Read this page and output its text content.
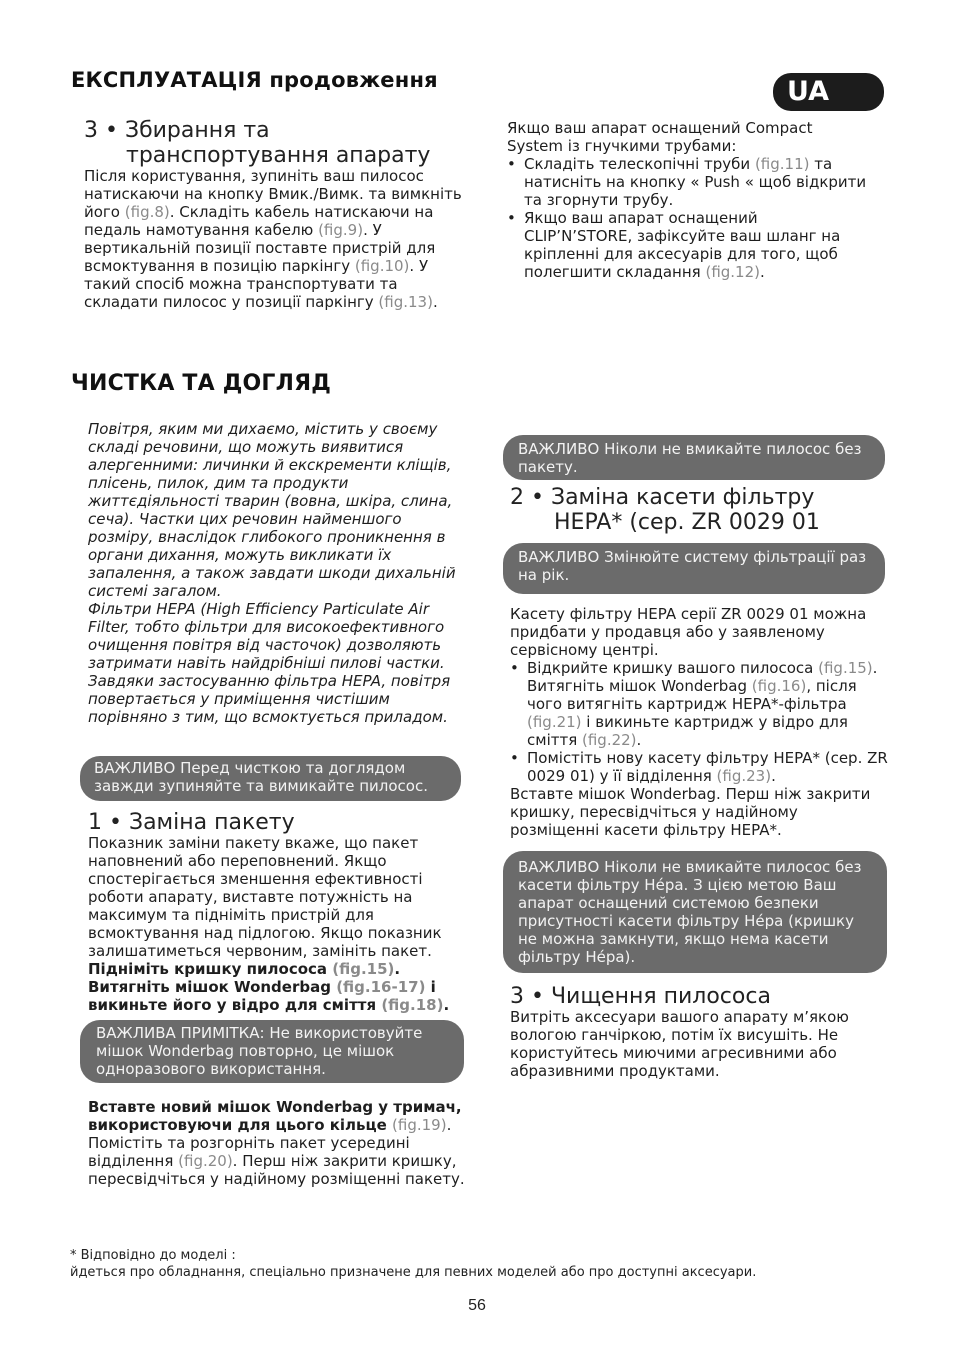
ЕКСПЛУАТАЦІЯ продовження	UA
3 • Збирання та
транспортування апарату
Після користування, зупиніть ваш пилосос натискаючи на кнопку Вмик./Вимк. та вимкніть його (fig.8). Складіть кабель натискаючи на педаль намотування кабелю (fig.9). У вертикальній позиції поставте пристрій для всмоктування в позицію паркінгу (fig.10). У такий спосіб можна транспортувати та складати пилосос у позиції паркінгу (fig.13).
Якщо ваш апарат оснащений Compact System із гнучкими трубами:
• Складіть телескопічні труби (fig.11) та натисніть на кнопку « Push « щоб відкрити та згорнути трубу.
• Якщо ваш апарат оснащений CLIP’N’STORE, зафіксуйте ваш шланг на кріпленні для аксесуарів для того, щоб полегшити складання (fig.12).
ЧИСТКА ТА ДОГЛЯД
Повітря, яким ми дихаємо, містить у своєму складі речовини, що можуть виявитися алергенними: личинки й екскременти кліщів, плісень, пилок, дим та продукти життєдіяльності тварин (вовна, шкіра, слина, сеча). Частки цих речовин найменшого розміру, внаслідок глибокого проникнення в органи дихання, можуть викликати їх запалення, а також завдати шкоди дихальній системі загалом.
Фільтри HEPA (High Efficiency Particulate Air Filter, тобто фільтри для високоефективного очищення повітря від часточок) дозволяють затримати навіть найдрібніші пилові частки. Завдяки застосуванню фільтра HEPA, повітря повертається у приміщення чистішим порівняно з тим, що всмоктується приладом.
ВАЖЛИВО Перед чисткою та доглядом завжди зупиняйте та вимикайте пилосос.
1 • Заміна пакету
Показник заміни пакету вкаже, що пакет наповнений або переповнений. Якщо спостерігається зменшення ефективності роботи апарату, виставте потужність на максимум та підніміть пристрій для всмоктування над підлогою. Якщо показник залишатиметься червоним, замініть пакет.
Підніміть кришку пилососа (fig.15). Витягніть мішок Wonderbag (fig.16-17) і викиньте його у відро для сміття (fig.18).
ВАЖЛИВА ПРИМІТКА: Не використовуйте мішок Wonderbag повторно, це мішок одноразового використання.
Вставте новий мішок Wonderbag у тримач, використовуючи для цього кільце (fig.19). Помістіть та розгорніть пакет усередині відділення (fig.20). Перш ніж закрити кришку, пересвідчіться у надійному розміщенні пакету.
ВАЖЛИВО Ніколи не вмикайте пилосос без пакету.
2 • Заміна касети фільтру
HEPA* (сер. ZR 0029 01
ВАЖЛИВО Змінюйте систему фільтрації раз на рік.
Касету фільтру HEPA серії ZR 0029 01 можна придбати у продавця або у заявленому сервісному центрі.
• Відкрийте кришку вашого пилососа (fig.15). Витягніть мішок Wonderbag (fig.16), після чого витягніть картридж HEPA*-фільтра (fig.21) і викиньте картридж у відро для сміття (fig.22).
• Помістіть нову касету фільтру HEPA* (сер. ZR 0029 01) у її відділення (fig.23).
Вставте мішок Wonderbag. Перш ніж закрити кришку, пересвідчіться у надійному розміщенні касети фільтру HEPA*.
ВАЖЛИВО Ніколи не вмикайте пилосос без касети фільтру Нéра. З цією метою Ваш апарат оснащений системою безпеки присутності касети фільтру Нéра (кришку не можна замкнути, якщо нема касети фільтру Нéра).
3 • Чищення пилососа
Витріть аксесуари вашого апарату м’якою вологою ганчіркою, потім їх висушіть. Не користуйтесь миючими агресивними або абразивними продуктами.
* Відповідно до моделі :
йдеться про обладнання, спеціально призначене для певних моделей або про доступні аксесуари.
56
